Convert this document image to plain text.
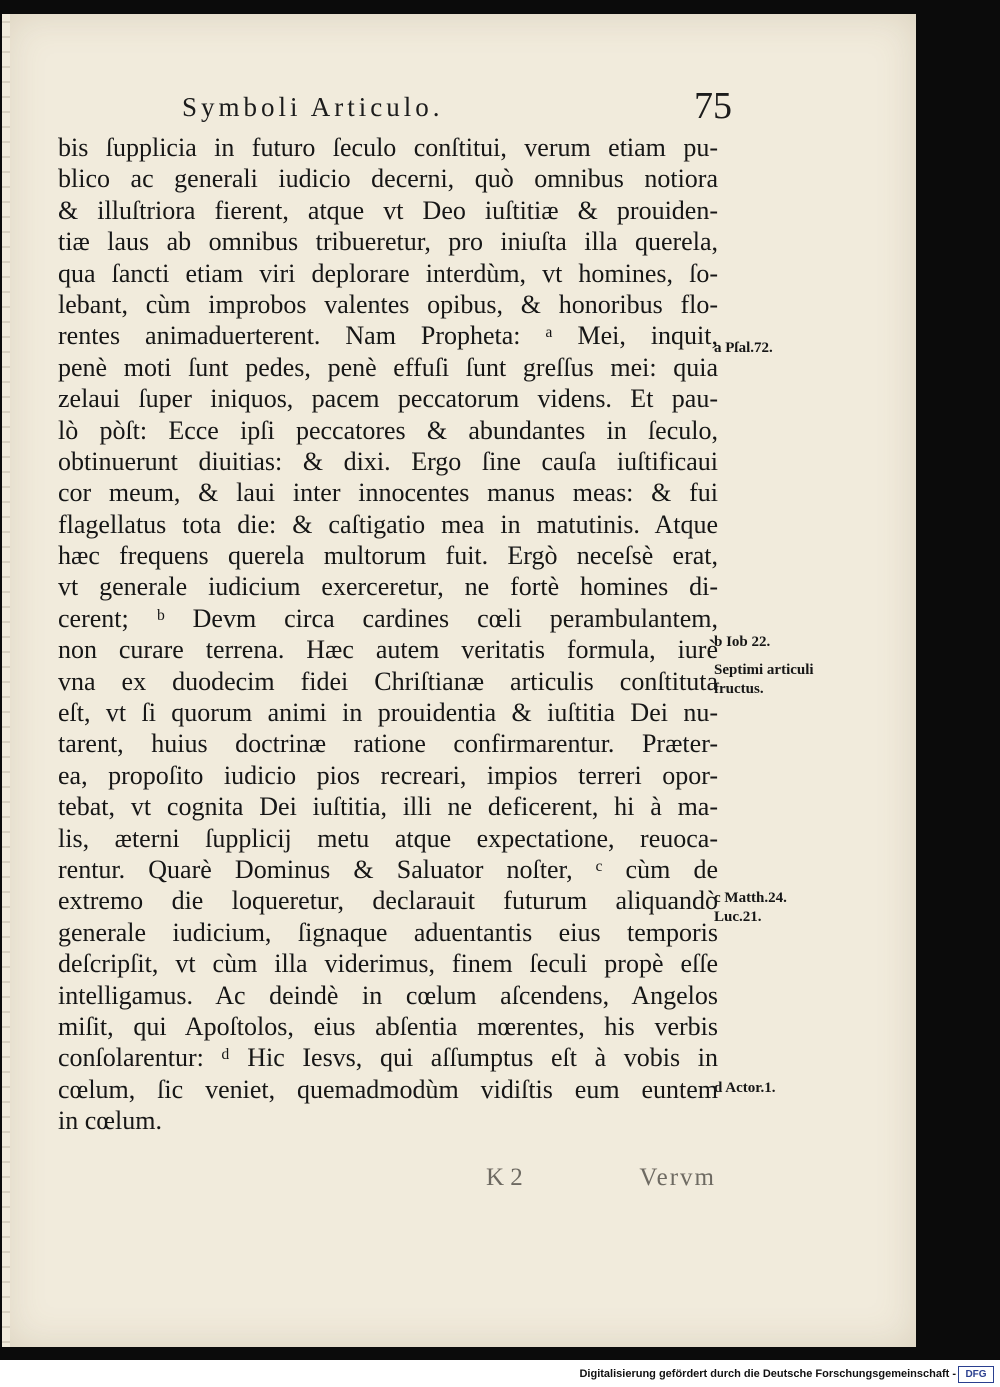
Symboli Articulo.	75
bis ſupplicia in futuro ſeculo conſtitui, verum etiam pu-
blico ac generali iudicio decerni, quò omnibus notiora
& illuſtriora fierent, atque vt Deo iuſtitiæ & prouiden-
tiæ laus ab omnibus tribueretur, pro iniuſta illa querela,
qua ſancti etiam viri deplorare interdùm, vt homines, ſo-
lebant, cùm improbos valentes opibus, & honoribus flo-
rentes animaduerterent. Nam Propheta: ᵃ Mei, inquit,
penè moti ſunt pedes, penè effuſi ſunt greſſus mei: quia
zelaui ſuper iniquos, pacem peccatorum videns. Et pau-
lò pòſt: Ecce ipſi peccatores & abundantes in ſeculo,
obtinuerunt diuitias: & dixi. Ergo ſine cauſa iuſtificaui
cor meum, & laui inter innocentes manus meas: & fui
flagellatus tota die: & caſtigatio mea in matutinis. Atque
hæc frequens querela multorum fuit. Ergò neceſsè erat,
vt generale iudicium exerceretur, ne fortè homines di-
cerent; ᵇ Devm circa cardines cœli perambulantem,
non curare terrena. Hæc autem veritatis formula, iurè
vna ex duodecim fidei Chriſtianæ articulis conſtituta
eſt, vt ſi quorum animi in prouidentia & iuſtitia Dei nu-
tarent, huius doctrinæ ratione confirmarentur. Præter-
ea, propoſito iudicio pios recreari, impios terreri opor-
tebat, vt cognita Dei iuſtitia, illi ne deficerent, hi à ma-
lis, æterni ſupplicij metu atque expectatione, reuoca-
rentur. Quarè Dominus & Saluator noſter, ᶜ cùm de
extremo die loqueretur, declarauit futurum aliquandò
generale iudicium, ſignaque aduentantis eius temporis
deſcripſit, vt cùm illa viderimus, finem ſeculi propè eſſe
intelligamus. Ac deindè in cœlum aſcendens, Angelos
miſit, qui Apoſtolos, eius abſentia mœrentes, his verbis
conſolarentur: ᵈ Hic Iesvs, qui aſſumptus eſt à vobis in
cœlum, ſic veniet, quemadmodùm vidiſtis eum euntem
in cœlum.
a Pſal.72.
b Iob 22.
Septimi articuli
fructus.
c Matth.24.
Luc.21.
d Actor.1.
K 2	Vervm
Digitalisierung gefördert durch die Deutsche Forschungsgemeinschaft - DFG
